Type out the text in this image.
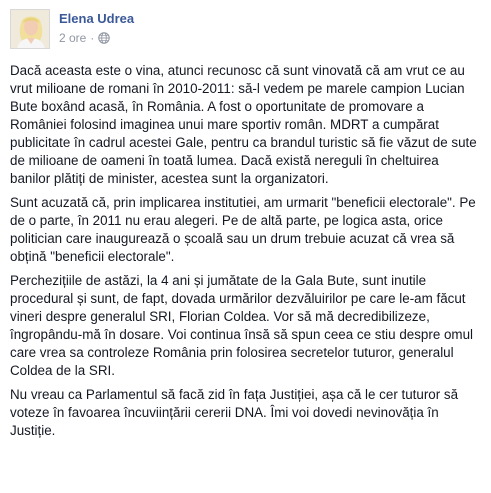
Elena Udrea
2 ore ·

Dacă aceasta este o vina, atunci recunosc că sunt vinovată că am vrut ce au vrut milioane de romani în 2010-2011: să-l vedem pe marele campion Lucian Bute boxând acasă, în România. A fost o oportunitate de promovare a României folosind imaginea unui mare sportiv român. MDRT a cumpărat publicitate în cadrul acestei Gale, pentru ca brandul turistic să fie văzut de sute de milioane de oameni în toată lumea. Dacă există nereguli în cheltuirea banilor plătiți de minister, acestea sunt la organizatori.

Sunt acuzată că, prin implicarea institutiei, am urmarit "beneficii electorale". Pe de o parte, în 2011 nu erau alegeri. Pe de altă parte, pe logica asta, orice politician care inaugurează o școală sau un drum trebuie acuzat că vrea să obțină "beneficii electorale".

Perchezițiile de astăzi, la 4 ani și jumătate de la Gala Bute, sunt inutile procedural și sunt, de fapt, dovada urmărilor dezvăluirilor pe care le-am făcut vineri despre generalul SRI, Florian Coldea. Vor să mă decredibilizeze, îngropându-mă în dosare. Voi continua însă să spun ceea ce stiu despre omul care vrea sa controleze România prin folosirea secretelor tuturor, generalul Coldea de la SRI.

Nu vreau ca Parlamentul să facă zid în fața Justiției, așa că le cer tuturor să voteze în favoarea încuviințării cererii DNA. Îmi voi dovedi nevinovăția în Justiție.
